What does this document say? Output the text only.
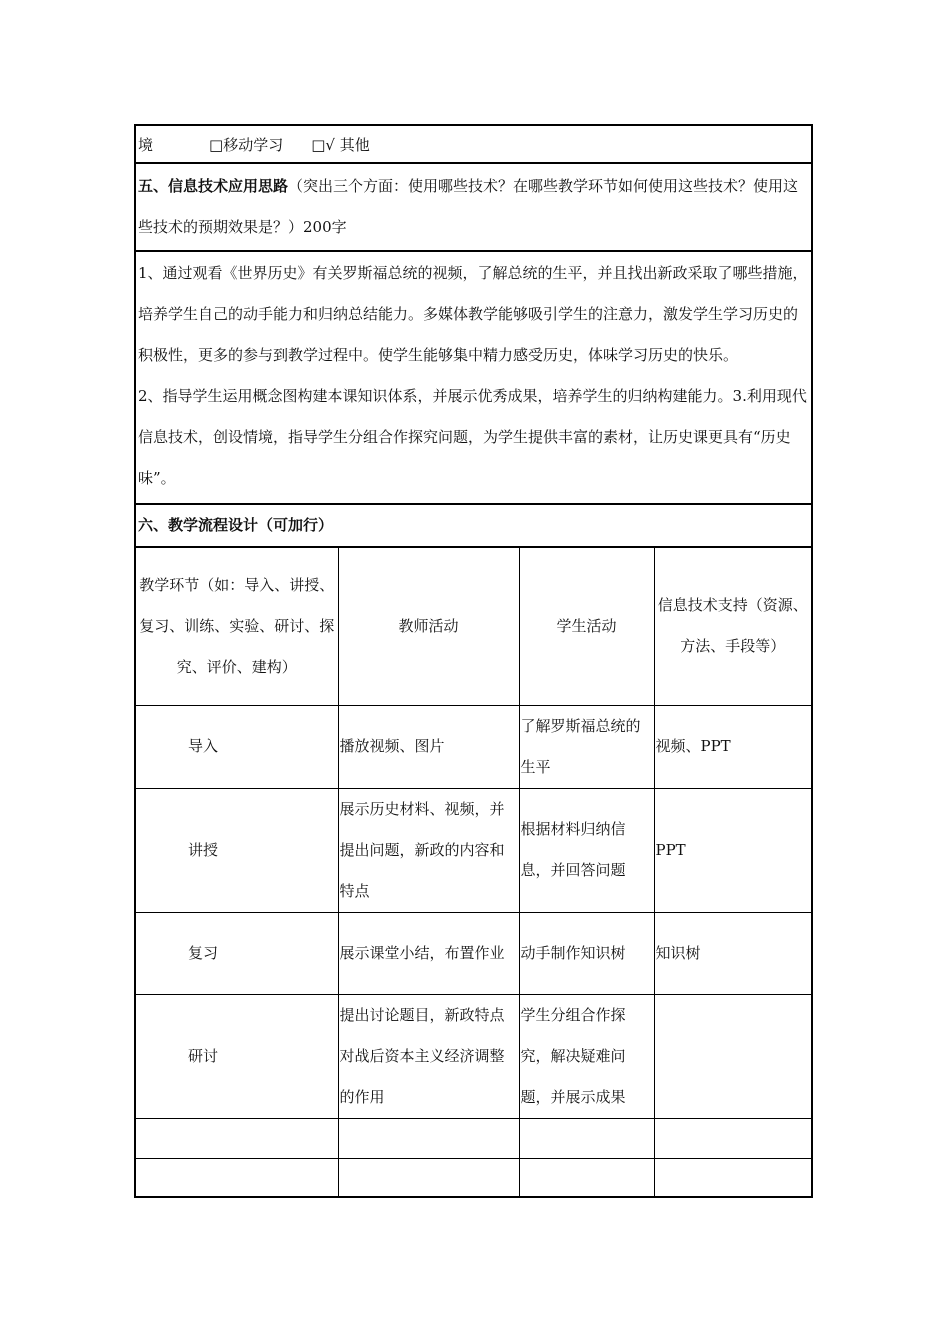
境	□移动学习 □√ 其他
五、信息技术应用思路（突出三个方面：使用哪些技术？在哪些教学环节如何使用这些技术？使用这些技术的预期效果是？）200字
1、通过观看《世界历史》有关罗斯福总统的视频，了解总统的生平，并且找出新政采取了哪些措施，培养学生自己的动手能力和归纳总结能力。多媒体教学能够吸引学生的注意力，激发学生学习历史的积极性，更多的参与到教学过程中。使学生能够集中精力感受历史，体味学习历史的快乐。
2、指导学生运用概念图构建本课知识体系，并展示优秀成果，培养学生的归纳构建能力。3.利用现代信息技术，创设情境，指导学生分组合作探究问题，为学生提供丰富的素材，让历史课更具有“历史味”。
六、教学流程设计（可加行）
教学环节（如：导入、讲授、复习、训练、实验、研讨、探究、评价、建构）	教师活动	学生活动	信息技术支持（资源、方法、手段等）
导入	播放视频、图片	了解罗斯福总统的生平	视频、PPT
讲授	展示历史材料、视频，并提出问题，新政的内容和特点	根据材料归纳信息，并回答问题	PPT
复习	展示课堂小结，布置作业	动手制作知识树	知识树
研讨	提出讨论题目，新政特点对战后资本主义经济调整的作用	学生分组合作探究，解决疑难问题，并展示成果	
